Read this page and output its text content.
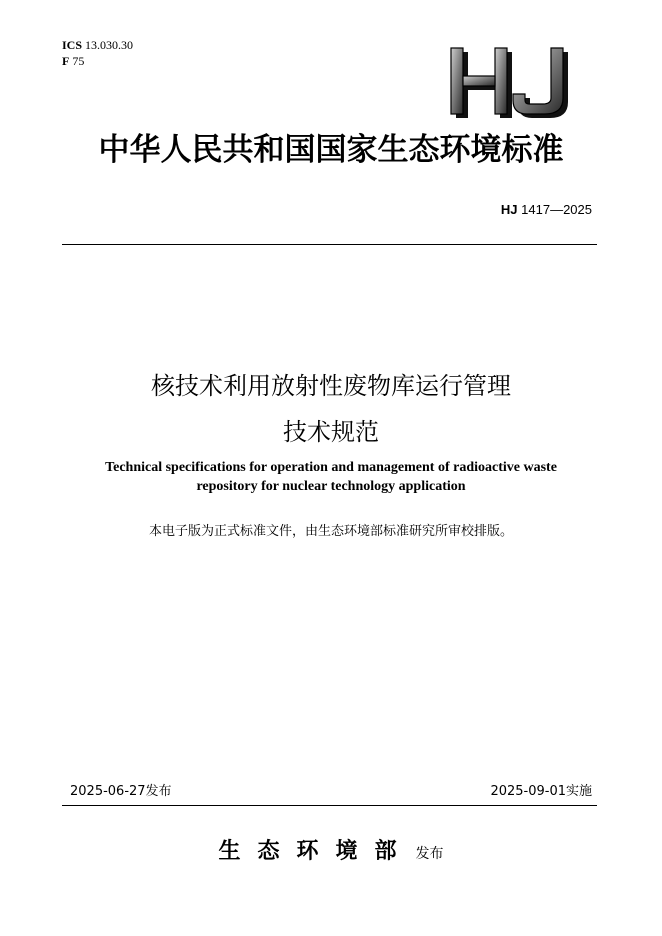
ICS 13.030.30
F 75
中华人民共和国国家生态环境标准
HJ 1417—2025
核技术利用放射性废物库运行管理
技术规范
Technical specifications for operation and management of radioactive waste
repository for nuclear technology application
本电子版为正式标准文件，由生态环境部标准研究所审校排版。
2025-06-27发布	2025-09-01实施
生态环境部 发布
